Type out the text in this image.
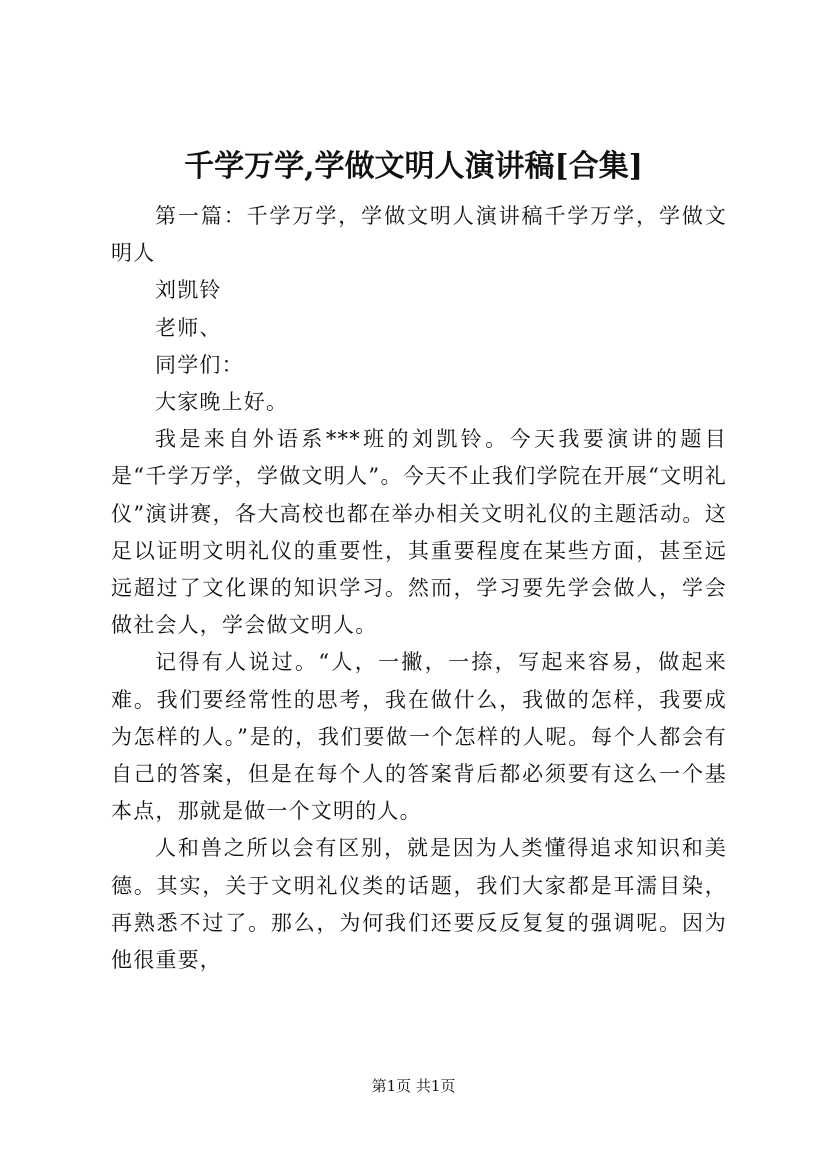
千学万学,学做文明人演讲稿[合集]

第一篇：千学万学，学做文明人演讲稿千学万学，学做文明人

刘凯铃

老师、

同学们：

大家晚上好。

我是来自外语系***班的刘凯铃。今天我要演讲的题目是“千学万学，学做文明人”。今天不止我们学院在开展“文明礼仪”演讲赛，各大高校也都在举办相关文明礼仪的主题活动。这足以证明文明礼仪的重要性，其重要程度在某些方面，甚至远远超过了文化课的知识学习。然而，学习要先学会做人，学会做社会人，学会做文明人。

记得有人说过。“人，一撇，一捺，写起来容易，做起来难。我们要经常性的思考，我在做什么，我做的怎样，我要成为怎样的人。”是的，我们要做一个怎样的人呢。每个人都会有自己的答案，但是在每个人的答案背后都必须要有这么一个基本点，那就是做一个文明的人。

人和兽之所以会有区别，就是因为人类懂得追求知识和美德。其实，关于文明礼仪类的话题，我们大家都是耳濡目染，再熟悉不过了。那么，为何我们还要反反复复的强调呢。因为他很重要，

第1页 共1页
